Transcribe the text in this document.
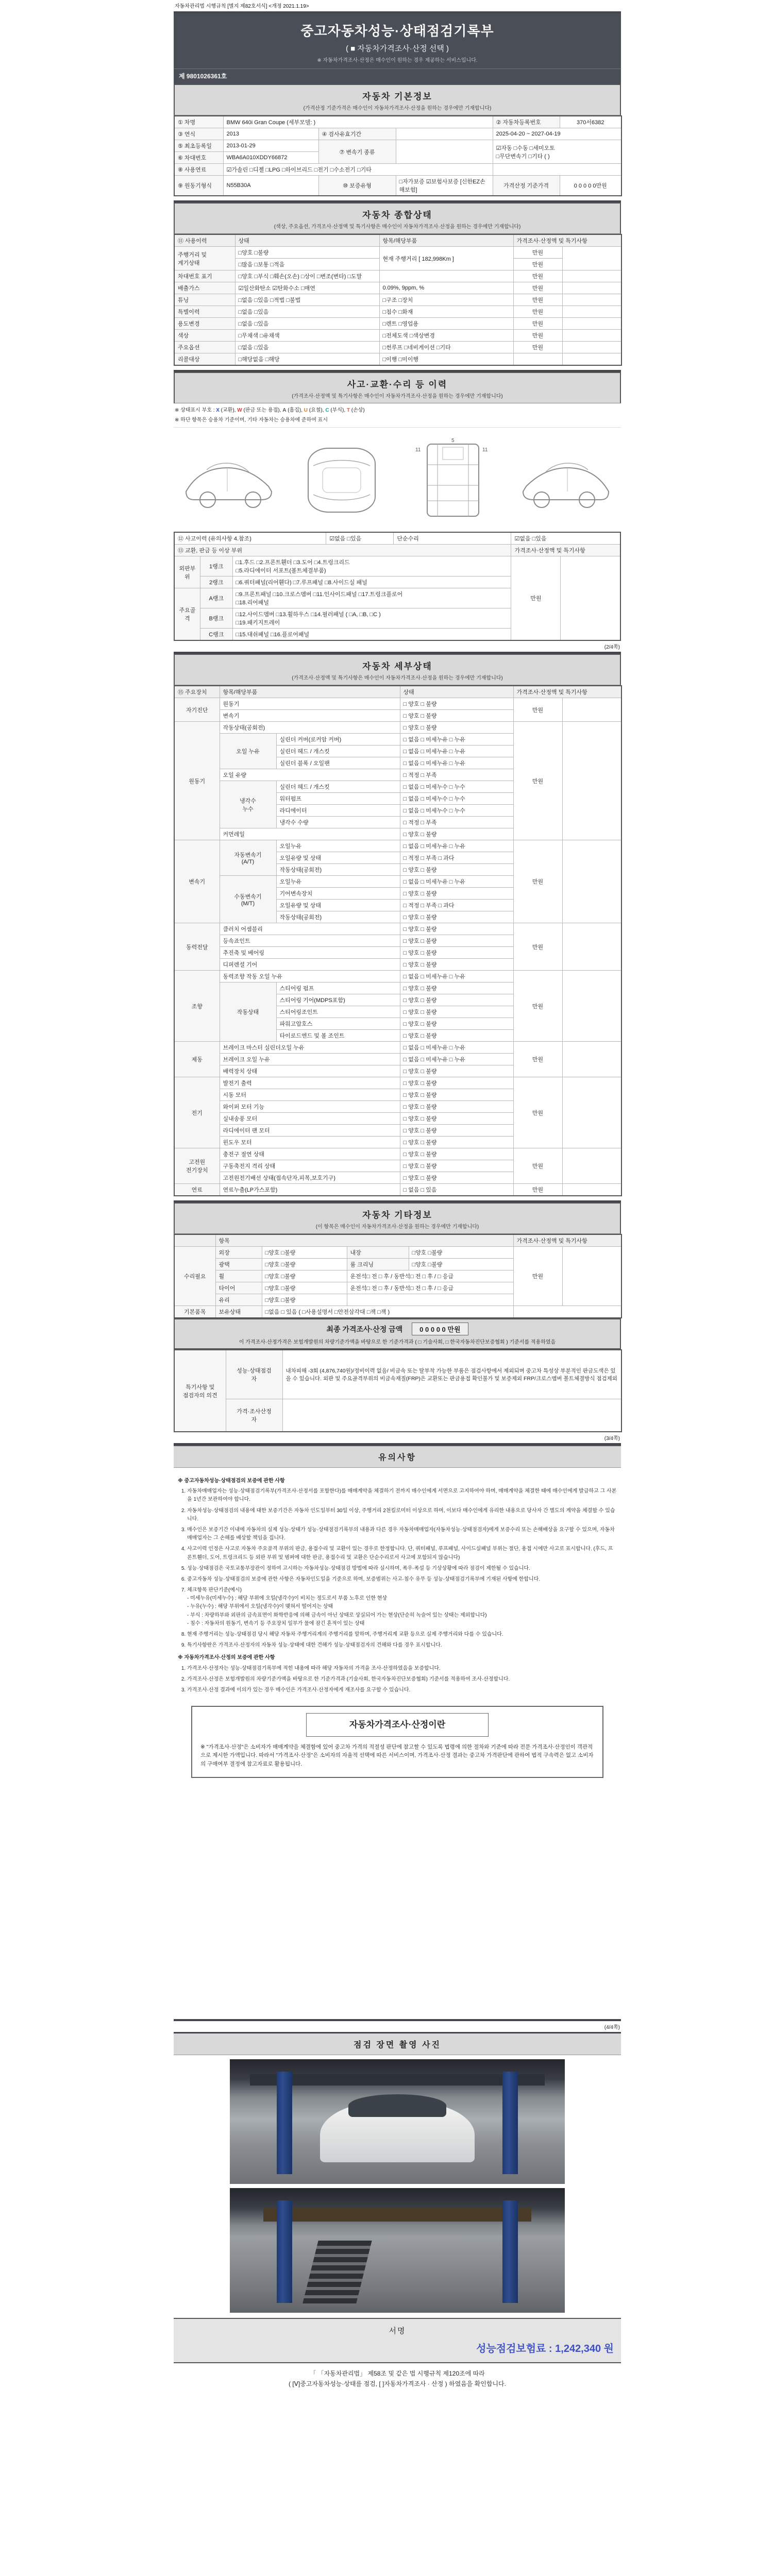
자동차관리법 시행규칙 [별지 제82호서식] <개정 2021.1.19>
중고자동차성능·상태점검기록부
( ■ 자동차가격조사·산정 선택 )
※ 자동차가격조사·산정은 매수인이 원하는 경우 제공하는 서비스입니다.
제 9801026361호
자동차 기본정보
(가격산정 기준가격은 매수인이 자동차가격조사·산정을 원하는 경우에만 기재합니다)
① 차명	BMW 640i Gran Coupe (세부모델: )			② 자동차등록번호	370서6382
③ 연식	2013	④ 검사유효기간		2025-04-20 ~ 2027-04-19	
⑤ 최초등록일	2013-01-29	⑦ 변속기 종류		☑자동 □수동 □세미오토
□무단변속기 □기타 ( )	
⑥ 차대번호	WBA6A010XDDY66872				
⑧ 사용연료	☑가솔린 □디젤 □LPG □하이브리드 □전기 □수소전기 □기타				
⑨ 원동기형식	N55B30A	⑩ 보증유형	□자가보증 ☑보험사보증 [신한EZ손해보험]	가격산정 기준가격	0 0 0 0 0만원
자동차 종합상태
(색상, 주요옵션, 가격조사·산정액 및 특기사항은 매수인이 자동차가격조사·산정을 원하는 경우에만 기재합니다)
⑪ 사용이력	상태	항목/해당부품	가격조사·산정액 및 특기사항	
주행거리 및
계기상태	□양호 □불량	현재 주행거리 [ 182,998Km ]	만원	
	□많음 □보통 □적음		만원	
차대번호 표기	□양호 □부식 □훼손(오손) □상이 □변조(변타) □도말		만원	
배출가스	☑일산화탄소 ☑탄화수소 □매연	0.09%, 9ppm, %	만원	
튜닝	□없음 □있음 □적법 □불법	□구조 □장치	만원	
특별이력	□없음 □있음	□침수 □화재	만원	
용도변경	□없음 □있음	□렌트 □영업용	만원	
색상	□무채색 □유채색	□전체도색 □색상변경	만원	
주요옵션	□없음 □있음	□썬루프 □네비게이션 □기타	만원	
리콜대상	□해당없음 □해당	□이행 □미이행		
사고·교환·수리 등 이력
(가격조사·산정액 및 특기사항은 매수인이 자동차가격조사·산정을 원하는 경우에만 기재합니다)
※ 상태표시 부호 : X (교환), W (판금 또는 용접), A (흠집), U (요철), C (부식), T (손상)
※ 하단 항목은 승용차 기준이며, 기타 자동차는 승용차에 준하여 표시
5
11	11
⑫ 사고이력 (유의사항 4.참조)			☑없음 □있음	단순수리	☑없음 □있음	
⑬ 교환, 판금 등 이상 부위					가격조사·산정액 및 특기사항	
외판부위	1랭크	□1.후드 □2.프론트휀더 □3.도어 □4.트렁크리드
□5.라디에이터 서포트(볼트체결부품)			만원	
	2랭크	□6.쿼터패널(리어휀다) □7.루프패널 □8.사이드실 패널				
주요골격	A랭크	□9.프론트패널 □10.크로스멤버 □11.인사이드패널 □17.트렁크플로어
□18.리어패널				
	B랭크	□12.사이드멤버 □13.휠하우스 □14.필러패널 ( □A, □B, □C )
□19.패키지트레이				
	C랭크	□15.대쉬패널 □16.플로어패널				
(2/4쪽)
자동차 세부상태
(가격조사·산정액 및 특기사항은 매수인이 자동차가격조사·산정을 원하는 경우에만 기재합니다)
⑮ 주요장치	항목/해당부품		상태	가격조사·산정액 및 특기사항	
자기진단	원동기		□ 양호 □ 불량	만원	
	변속기		□ 양호 □ 불량		
원동기	작동상태(공회전)		□ 양호 □ 불량	만원	
	오일 누유	실린더 커버(로커암 커버)	□ 없음 □ 미세누유 □ 누유		
		실린더 헤드 / 개스킷	□ 없음 □ 미세누유 □ 누유		
		실린더 블록 / 오일팬	□ 없음 □ 미세누유 □ 누유		
	오일 유량		□ 적정 □ 부족		
	냉각수
누수	실린더 헤드 / 개스킷	□ 없음 □ 미세누수 □ 누수		
		워터펌프	□ 없음 □ 미세누수 □ 누수		
		라디에이터	□ 없음 □ 미세누수 □ 누수		
		냉각수 수량	□ 적정 □ 부족		
	커먼레일		□ 양호 □ 불량		
변속기	자동변속기
(A/T)	오일누유	□ 없음 □ 미세누유 □ 누유	만원	
		오일유량 및 상태	□ 적정 □ 부족 □ 과다		
		작동상태(공회전)	□ 양호 □ 불량		
	수동변속기
(M/T)	오일누유	□ 없음 □ 미세누유 □ 누유		
		기어변속장치	□ 양호 □ 불량		
		오일유량 및 상태	□ 적정 □ 부족 □ 과다		
		작동상태(공회전)	□ 양호 □ 불량		
동력전달	클러치 어셈블리		□ 양호 □ 불량	만원	
	등속죠인트		□ 양호 □ 불량		
	추진축 및 베어링		□ 양호 □ 불량		
	디퍼렌셜 기어		□ 양호 □ 불량		
조향	동력조향 작동 오일 누유		□ 없음 □ 미세누유 □ 누유	만원	
	작동상태	스티어링 펌프	□ 양호 □ 불량		
		스티어링 기어(MDPS포함)	□ 양호 □ 불량		
		스티어링조인트	□ 양호 □ 불량		
		파워고압호스	□ 양호 □ 불량		
		타이로드엔드 및 볼 조인트	□ 양호 □ 불량		
제동	브레이크 마스터 실린더오일 누유		□ 없음 □ 미세누유 □ 누유	만원	
	브레이크 오일 누유		□ 없음 □ 미세누유 □ 누유		
	배력장치 상태		□ 양호 □ 불량		
전기	발전기 출력		□ 양호 □ 불량	만원	
	시동 모터		□ 양호 □ 불량		
	와이퍼 모터 기능		□ 양호 □ 불량		
	실내송풍 모터		□ 양호 □ 불량		
	라디에이터 팬 모터		□ 양호 □ 불량		
	윈도우 모터		□ 양호 □ 불량		
고전원
전기장치	충전구 절연 상태		□ 양호 □ 불량	만원	
	구동축전지 격리 상태		□ 양호 □ 불량		
	고전원전기배선 상태(접속단자,피복,보호기구)		□ 양호 □ 불량		
연료	연료누출(LP가스포함)		□ 없음 □ 있음	만원	
자동차 기타정보
(이 항목은 매수인이 자동차가격조사·산정을 원하는 경우에만 기재합니다)
	항목				가격조사·산정액 및 특기사항	
수리필요	외장	□양호 □불량	내장	□양호 □불량	만원	
	광택	□양호 □불량	룸 크리닝	□양호 □불량		
	휠	□양호 □불량	운전석□ 전 □ 후 / 동반석□ 전 □ 후 / □ 응급			
	타이어	□양호 □불량	운전석□ 전 □ 후 / 동반석□ 전 □ 후 / □ 응급			
	유리	□양호 □불량				
기본품목	보유상태	□없음 □ 있음 ( □사용설명서 □안전삼각대 □잭 □잭 )				
최종 가격조사·산정 금액	0 0 0 0 0 만원
이 가격조사·산정가격은 보험개발원의 차량기준가액을 바탕으로 한 기준가격과 ( □ 기술사회, □ 한국자동차진단보증협회 ) 기준서를 적용하였음
특기사항 및
점검자의 의견	성능·상태점검
자	내차피해 -3회 (4,876,740원)/정비이력 없음/ 비금속 또는 탈부착 가능한 부품은 점검사항에서 제외되며 중고차 특성상 부분적인 판금도색은 있을 수 있습니다. 외판 및 주요골격부위의 비금속재질(FRP)은 교환또는 판금용접 확인불가 및 보증제외 FRP/크로스멤버 볼트체결방식 점검제외
	가격·조사산정
자	
(3/4쪽)
유의사항
※ 중고자동차성능·상태점검의 보증에 관한 사항
1. 자동차매매업자는 성능·상태점검기록부(가격조사·산정서를 포함한다)를 매매계약을 체결하기 전까지 매수인에게 서면으로 고지하여야 하며, 매매계약을 체결한 때에 매수인에게 발급하고 그 사본을 1년간 보관하여야 합니다.
2. 자동차성능·상태점검의 내용에 대한 보증기간은 자동차 인도일부터 30일 이상, 주행거리 2천킬로미터 이상으로 하며, 이보다 매수인에게 유리한 내용으로 당사자 간 별도의 계약을 체결할 수 있습니다.
3. 매수인은 보증기간 이내에 자동차의 실제 성능·상태가 성능·상태점검기록부의 내용과 다른 경우 자동차매매업자(자동차성능·상태점검자)에게 보증수리 또는 손해배상을 요구할 수 있으며, 자동차매매업자는 그 손해를 배상할 책임을 집니다.
4. 사고이력 인정은 사고로 자동차 주요골격 부위의 판금, 용접수리 및 교환이 있는 경우로 한정합니다. 단, 쿼터패널, 루프패널, 사이드실패널 부위는 절단, 용접 시에만 사고로 표시합니다. (후드, 프론트휀더, 도어, 트렁크리드 등 외판 부위 및 범퍼에 대한 판금, 용접수리 및 교환은 단순수리로서 사고에 포함되지 않습니다)
5. 성능·상태점검은 국토교통부장관이 정하여 고시하는 자동차성능·상태점검 방법에 따라 실시하며, 폭우·폭설 등 기상상황에 따라 점검이 제한될 수 있습니다.
6. 중고자동차 성능·상태점검의 보증에 관한 사항은 자동차인도일을 기준으로 하며, 보증범위는 사고·침수 유무 등 성능·상태점검기록부에 기재된 사항에 한합니다.
7. 체크항목 판단기준(예시)
- 미세누유(미세누수) : 해당 부위에 오일(냉각수)이 비치는 정도로서 부품 노후로 인한 현상
- 누유(누수) : 해당 부위에서 오일(냉각수)이 맺혀서 떨어지는 상태
- 부식 : 차량하부와 외판의 금속표면이 화학반응에 의해 금속이 아닌 상태로 상실되어 가는 현상(단순히 녹슬어 있는 상태는 제외합니다)
- 침수 : 자동차의 원동기, 변속기 등 주요장치 일부가 물에 잠긴 흔적이 있는 상태
8. 현재 주행거리는 성능·상태점검 당시 해당 자동차 주행거리계의 주행거리를 말하며, 주행거리계 교환 등으로 실제 주행거리와 다를 수 있습니다.
9. 특기사항란은 가격조사·산정자의 자동차 성능·상태에 대한 견해가 성능·상태점검자의 견해와 다를 경우 표시합니다.
※ 자동차가격조사·산정의 보증에 관한 사항
1. 가격조사·산정자는 성능·상태점검기록부에 적힌 내용에 따라 해당 자동차의 가격을 조사·산정하였음을 보증합니다.
2. 가격조사·산정은 보험개발원의 차량기준가액을 바탕으로 한 기준가격과 (기술사회, 한국자동차진단보증협회) 기준서를 적용하여 조사·산정합니다.
3. 가격조사·산정 결과에 이의가 있는 경우 매수인은 가격조사·산정자에게 재조사를 요구할 수 있습니다.
자동차가격조사·산정이란
※ "가격조사·산정"은 소비자가 매매계약을 체결함에 있어 중고차 가격의 적절성 판단에 참고할 수 있도록 법령에 의한 절차와 기준에 따라 전문 가격조사·산정인이 객관적으로 제시한 가액입니다. 따라서 "가격조사·산정"은 소비자의 자율적 선택에 따른 서비스이며, 가격조사·산정 결과는 중고차 가격판단에 관하여 법적 구속력은 없고 소비자의 구매여부 결정에 참고자료로 활용됩니다.
(4/4쪽)
점검 장면 촬영 사진
서명
성능점검보험료 : 1,242,340 원
「 「자동차관리법」 제58조 및 같은 법 시행규칙 제120조에 따라
( [Ⅴ]중고자동차성능·상태를 점검, [ ]자동차가격조사 · 산정 ) 하였음을 확인합니다.
